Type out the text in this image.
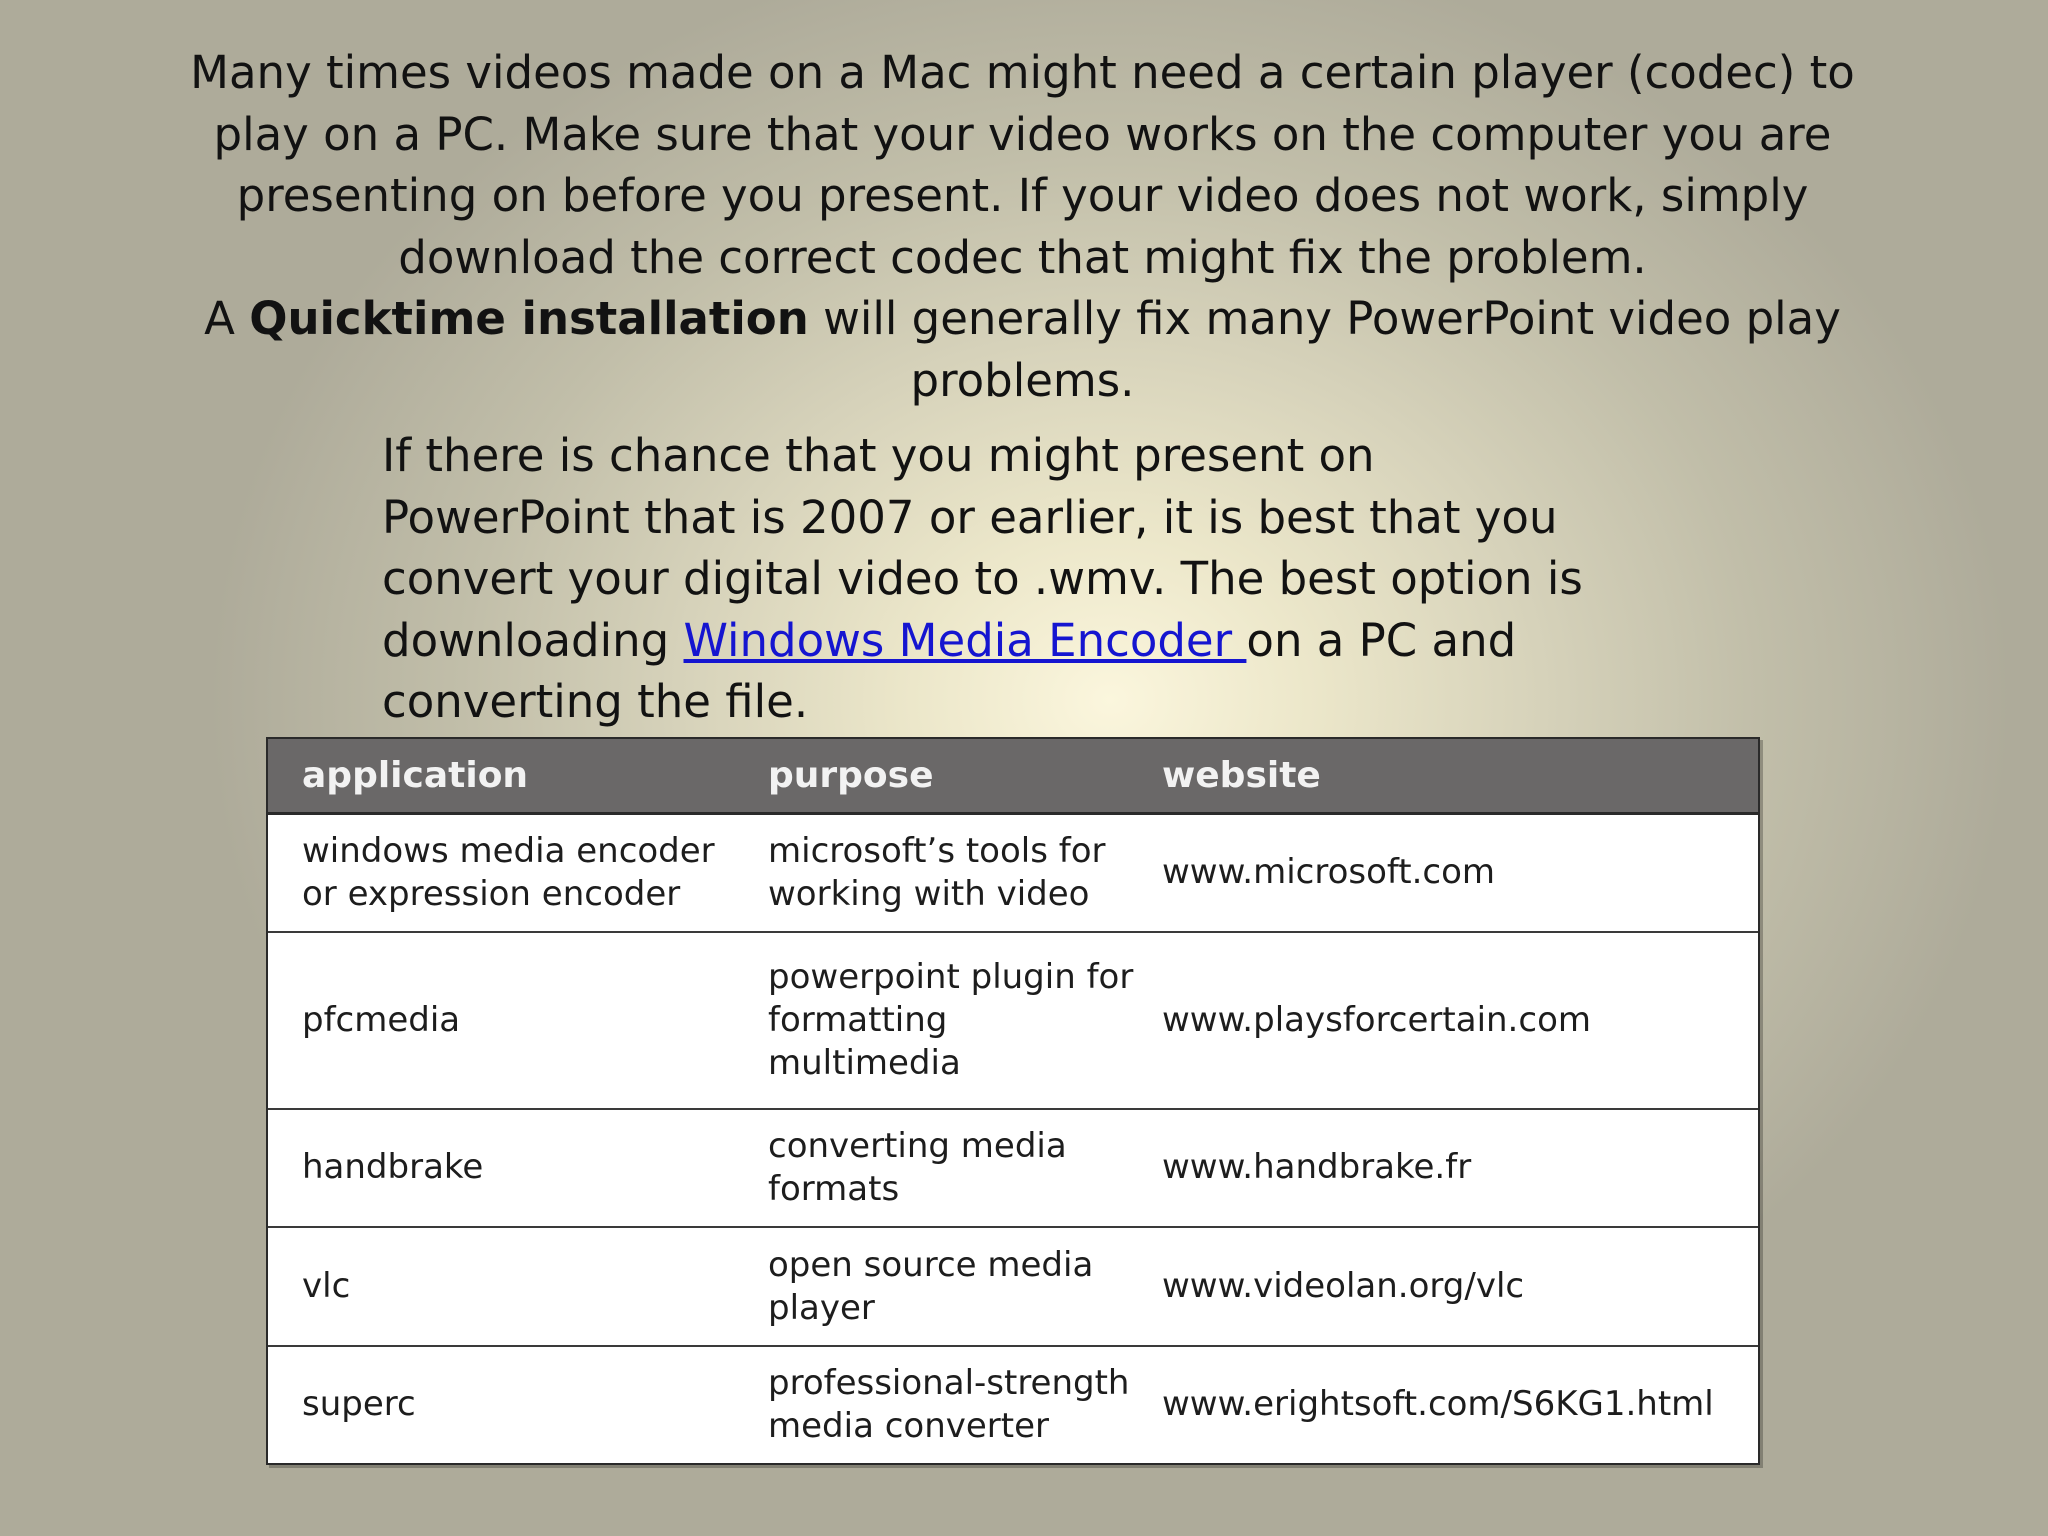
Many times videos made on a Mac might need a certain player (codec) to play on a PC. Make sure that your video works on the computer you are presenting on before you present. If your video does not work, simply download the correct codec that might fix the problem.

A Quicktime installation will generally fix many PowerPoint video play problems.

If there is chance that you might present on PowerPoint that is 2007 or earlier, it is best that you convert your digital video to .wmv. The best option is downloading Windows Media Encoder on a PC and converting the file.

application	purpose	website
windows media encoder or expression encoder	microsoft’s tools for working with video	www.microsoft.com
pfcmedia	powerpoint plugin for formatting multimedia	www.playsforcertain.com
handbrake	converting media formats	www.handbrake.fr
vlc	open source media player	www.videolan.org/vlc
superc	professional-strength media converter	www.erightsoft.com/S6KG1.html
